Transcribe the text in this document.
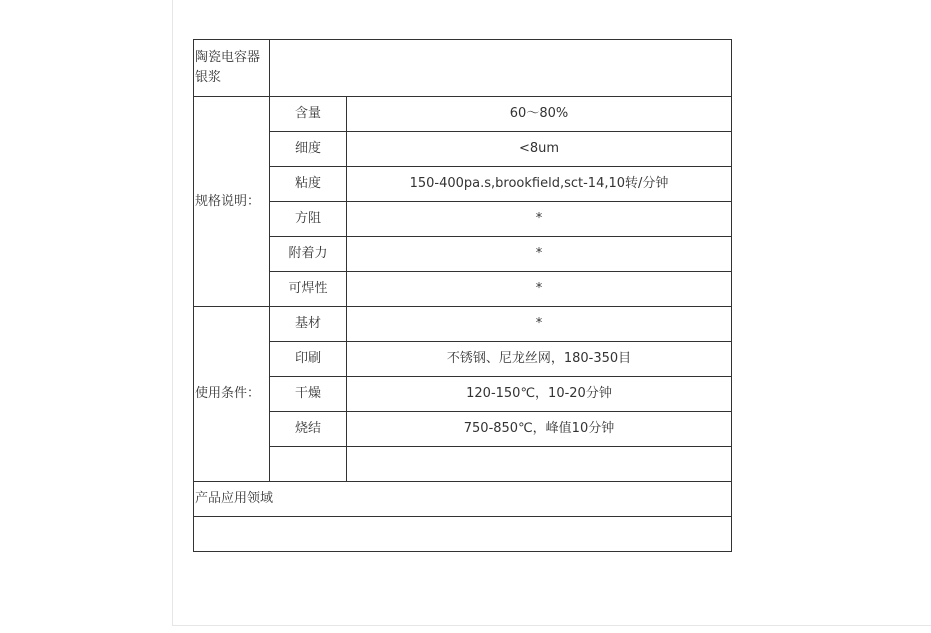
陶瓷电容器银浆		
规格说明：	含量	60～80%
	细度	<8um
	粘度	150-400pa.s,brookfield,sct-14,10转/分钟
	方阻	*
	附着力	*
	可焊性	*
使用条件：	基材	*
	印刷	不锈钢、尼龙丝网，180-350目
	干燥	120-150℃，10-20分钟
	烧结	750-850℃，峰值10分钟

产品应用领域		
